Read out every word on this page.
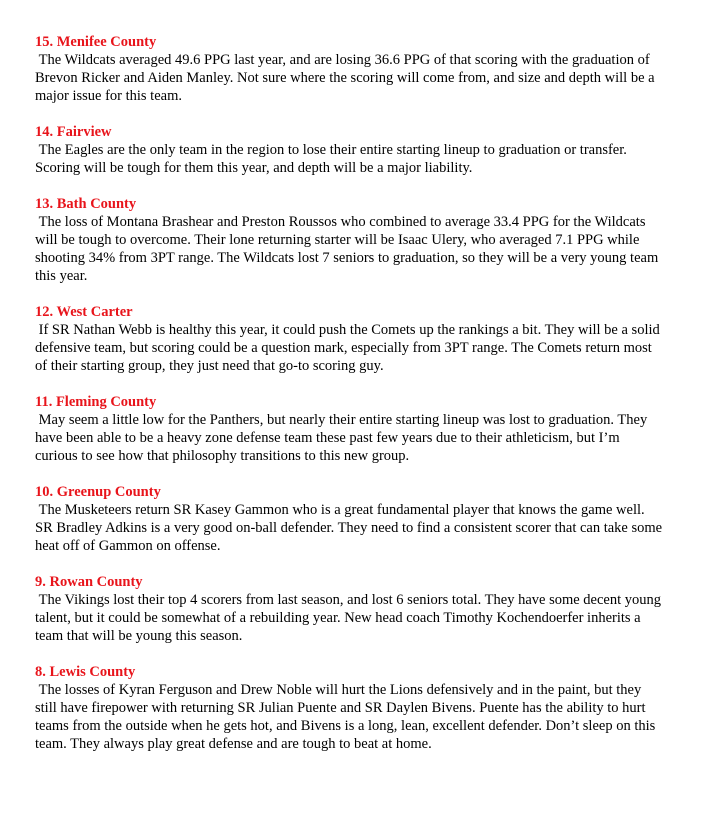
15. Menifee County

The Wildcats averaged 49.6 PPG last year, and are losing 36.6 PPG of that scoring with the graduation of Brevon Ricker and Aiden Manley. Not sure where the scoring will come from, and size and depth will be a major issue for this team.

14. Fairview

The Eagles are the only team in the region to lose their entire starting lineup to graduation or transfer. Scoring will be tough for them this year, and depth will be a major liability.

13. Bath County

The loss of Montana Brashear and Preston Roussos who combined to average 33.4 PPG for the Wildcats will be tough to overcome. Their lone returning starter will be Isaac Ulery, who averaged 7.1 PPG while shooting 34% from 3PT range. The Wildcats lost 7 seniors to graduation, so they will be a very young team this year.

12. West Carter

If SR Nathan Webb is healthy this year, it could push the Comets up the rankings a bit. They will be a solid defensive team, but scoring could be a question mark, especially from 3PT range. The Comets return most of their starting group, they just need that go-to scoring guy.

11. Fleming County

May seem a little low for the Panthers, but nearly their entire starting lineup was lost to graduation. They have been able to be a heavy zone defense team these past few years due to their athleticism, but I’m curious to see how that philosophy transitions to this new group.

10. Greenup County

The Musketeers return SR Kasey Gammon who is a great fundamental player that knows the game well. SR Bradley Adkins is a very good on-ball defender. They need to find a consistent scorer that can take some heat off of Gammon on offense.

9. Rowan County

The Vikings lost their top 4 scorers from last season, and lost 6 seniors total. They have some decent young talent, but it could be somewhat of a rebuilding year. New head coach Timothy Kochendoerfer inherits a team that will be young this season.

8. Lewis County

The losses of Kyran Ferguson and Drew Noble will hurt the Lions defensively and in the paint, but they still have firepower with returning SR Julian Puente and SR Daylen Bivens. Puente has the ability to hurt teams from the outside when he gets hot, and Bivens is a long, lean, excellent defender. Don’t sleep on this team. They always play great defense and are tough to beat at home.
